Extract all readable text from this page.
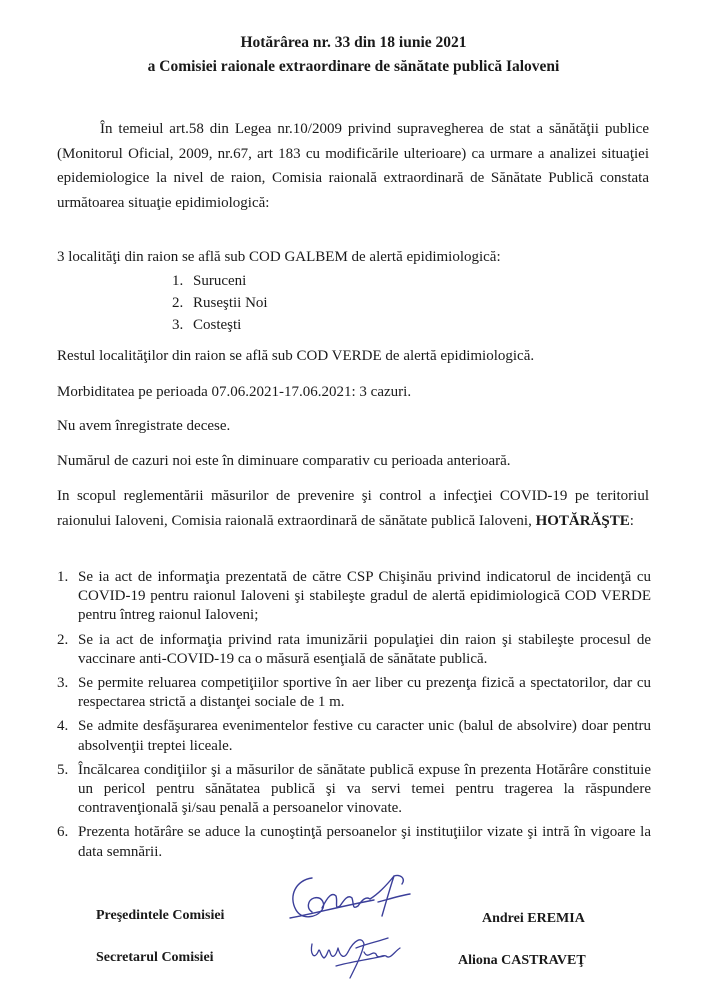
Hotărârea nr. 33 din 18 iunie 2021
a Comisiei raionale extraordinare de sănătate publică Ialoveni

În temeiul art.58 din Legea nr.10/2009 privind supravegherea de stat a sănătăţii publice (Monitorul Oficial, 2009, nr.67, art 183 cu modificările ulterioare) ca urmare a analizei situaţiei epidemiologice la nivel de raion, Comisia raională extraordinară de Sănătate Publică constata următoarea situaţie epidimiologică:

3 localităţi din raion se află sub COD GALBEM de alertă epidimiologică:
1. Suruceni
2. Ruseştii Noi
3. Costeşti
Restul localităţilor din raion se află sub COD VERDE de alertă epidimiologică.
Morbiditatea pe perioada 07.06.2021-17.06.2021: 3 cazuri.
Nu avem înregistrate decese.
Numărul de cazuri noi este în diminuare comparativ cu perioada anterioară.

In scopul reglementării măsurilor de prevenire şi control a infecţiei COVID-19 pe teritoriul raionului Ialoveni, Comisia raională extraordinară de sănătate publică Ialoveni, HOTĂRĂŞTE:

1. Se ia act de informaţia prezentată de către CSP Chişinău privind indicatorul de incidenţă cu COVID-19 pentru raionul Ialoveni şi stabileşte gradul de alertă epidimiologică COD VERDE pentru întreg raionul Ialoveni;
2. Se ia act de informaţia privind rata imunizării populaţiei din raion şi stabileşte procesul de vaccinare anti-COVID-19 ca o măsură esenţială de sănătate publică.
3. Se permite reluarea competiţiilor sportive în aer liber cu prezenţa fizică a spectatorilor, dar cu respectarea strictă a distanţei sociale de 1 m.
4. Se admite desfăşurarea evenimentelor festive cu caracter unic (balul de absolvire) doar pentru absolvenţii treptei liceale.
5. Încălcarea condiţiilor şi a măsurilor de sănătate publică expuse în prezenta Hotărâre constituie un pericol pentru sănătatea publică şi va servi temei pentru tragerea la răspundere contravenţională şi/sau penală a persoanelor vinovate.
6. Prezenta hotărâre se aduce la cunoştinţă persoanelor şi instituţiilor vizate şi intră în vigoare la data semnării.
Preşedintele Comisiei	Andrei EREMIA
Secretarul Comisiei	Aliona CASTRAVEŢ
